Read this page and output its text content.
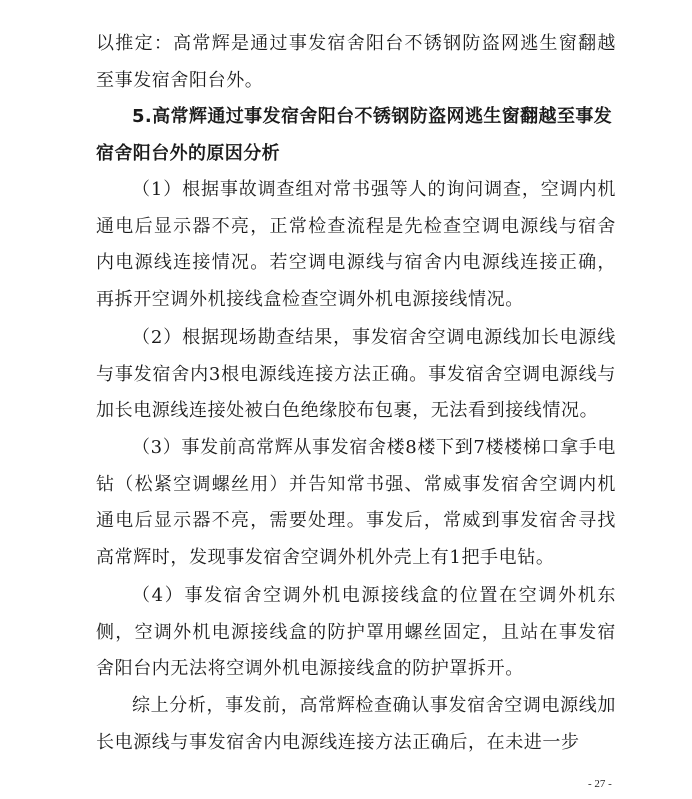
以推定：高常辉是通过事发宿舍阳台不锈钢防盗网逃生窗翻越至事发宿舍阳台外。

5.高常辉通过事发宿舍阳台不锈钢防盗网逃生窗翻越至事发宿舍阳台外的原因分析

（1）根据事故调查组对常书强等人的询问调查，空调内机通电后显示器不亮，正常检查流程是先检查空调电源线与宿舍内电源线连接情况。若空调电源线与宿舍内电源线连接正确，再拆开空调外机接线盒检查空调外机电源接线情况。

（2）根据现场勘查结果，事发宿舍空调电源线加长电源线与事发宿舍内3根电源线连接方法正确。事发宿舍空调电源线与加长电源线连接处被白色绝缘胶布包裹，无法看到接线情况。

（3）事发前高常辉从事发宿舍楼8楼下到7楼楼梯口拿手电钻（松紧空调螺丝用）并告知常书强、常威事发宿舍空调内机通电后显示器不亮，需要处理。事发后，常威到事发宿舍寻找高常辉时，发现事发宿舍空调外机外壳上有1把手电钻。

（4）事发宿舍空调外机电源接线盒的位置在空调外机东侧，空调外机电源接线盒的防护罩用螺丝固定，且站在事发宿舍阳台内无法将空调外机电源接线盒的防护罩拆开。

综上分析，事发前，高常辉检查确认事发宿舍空调电源线加长电源线与事发宿舍内电源线连接方法正确后，在未进一步

- 27 -
